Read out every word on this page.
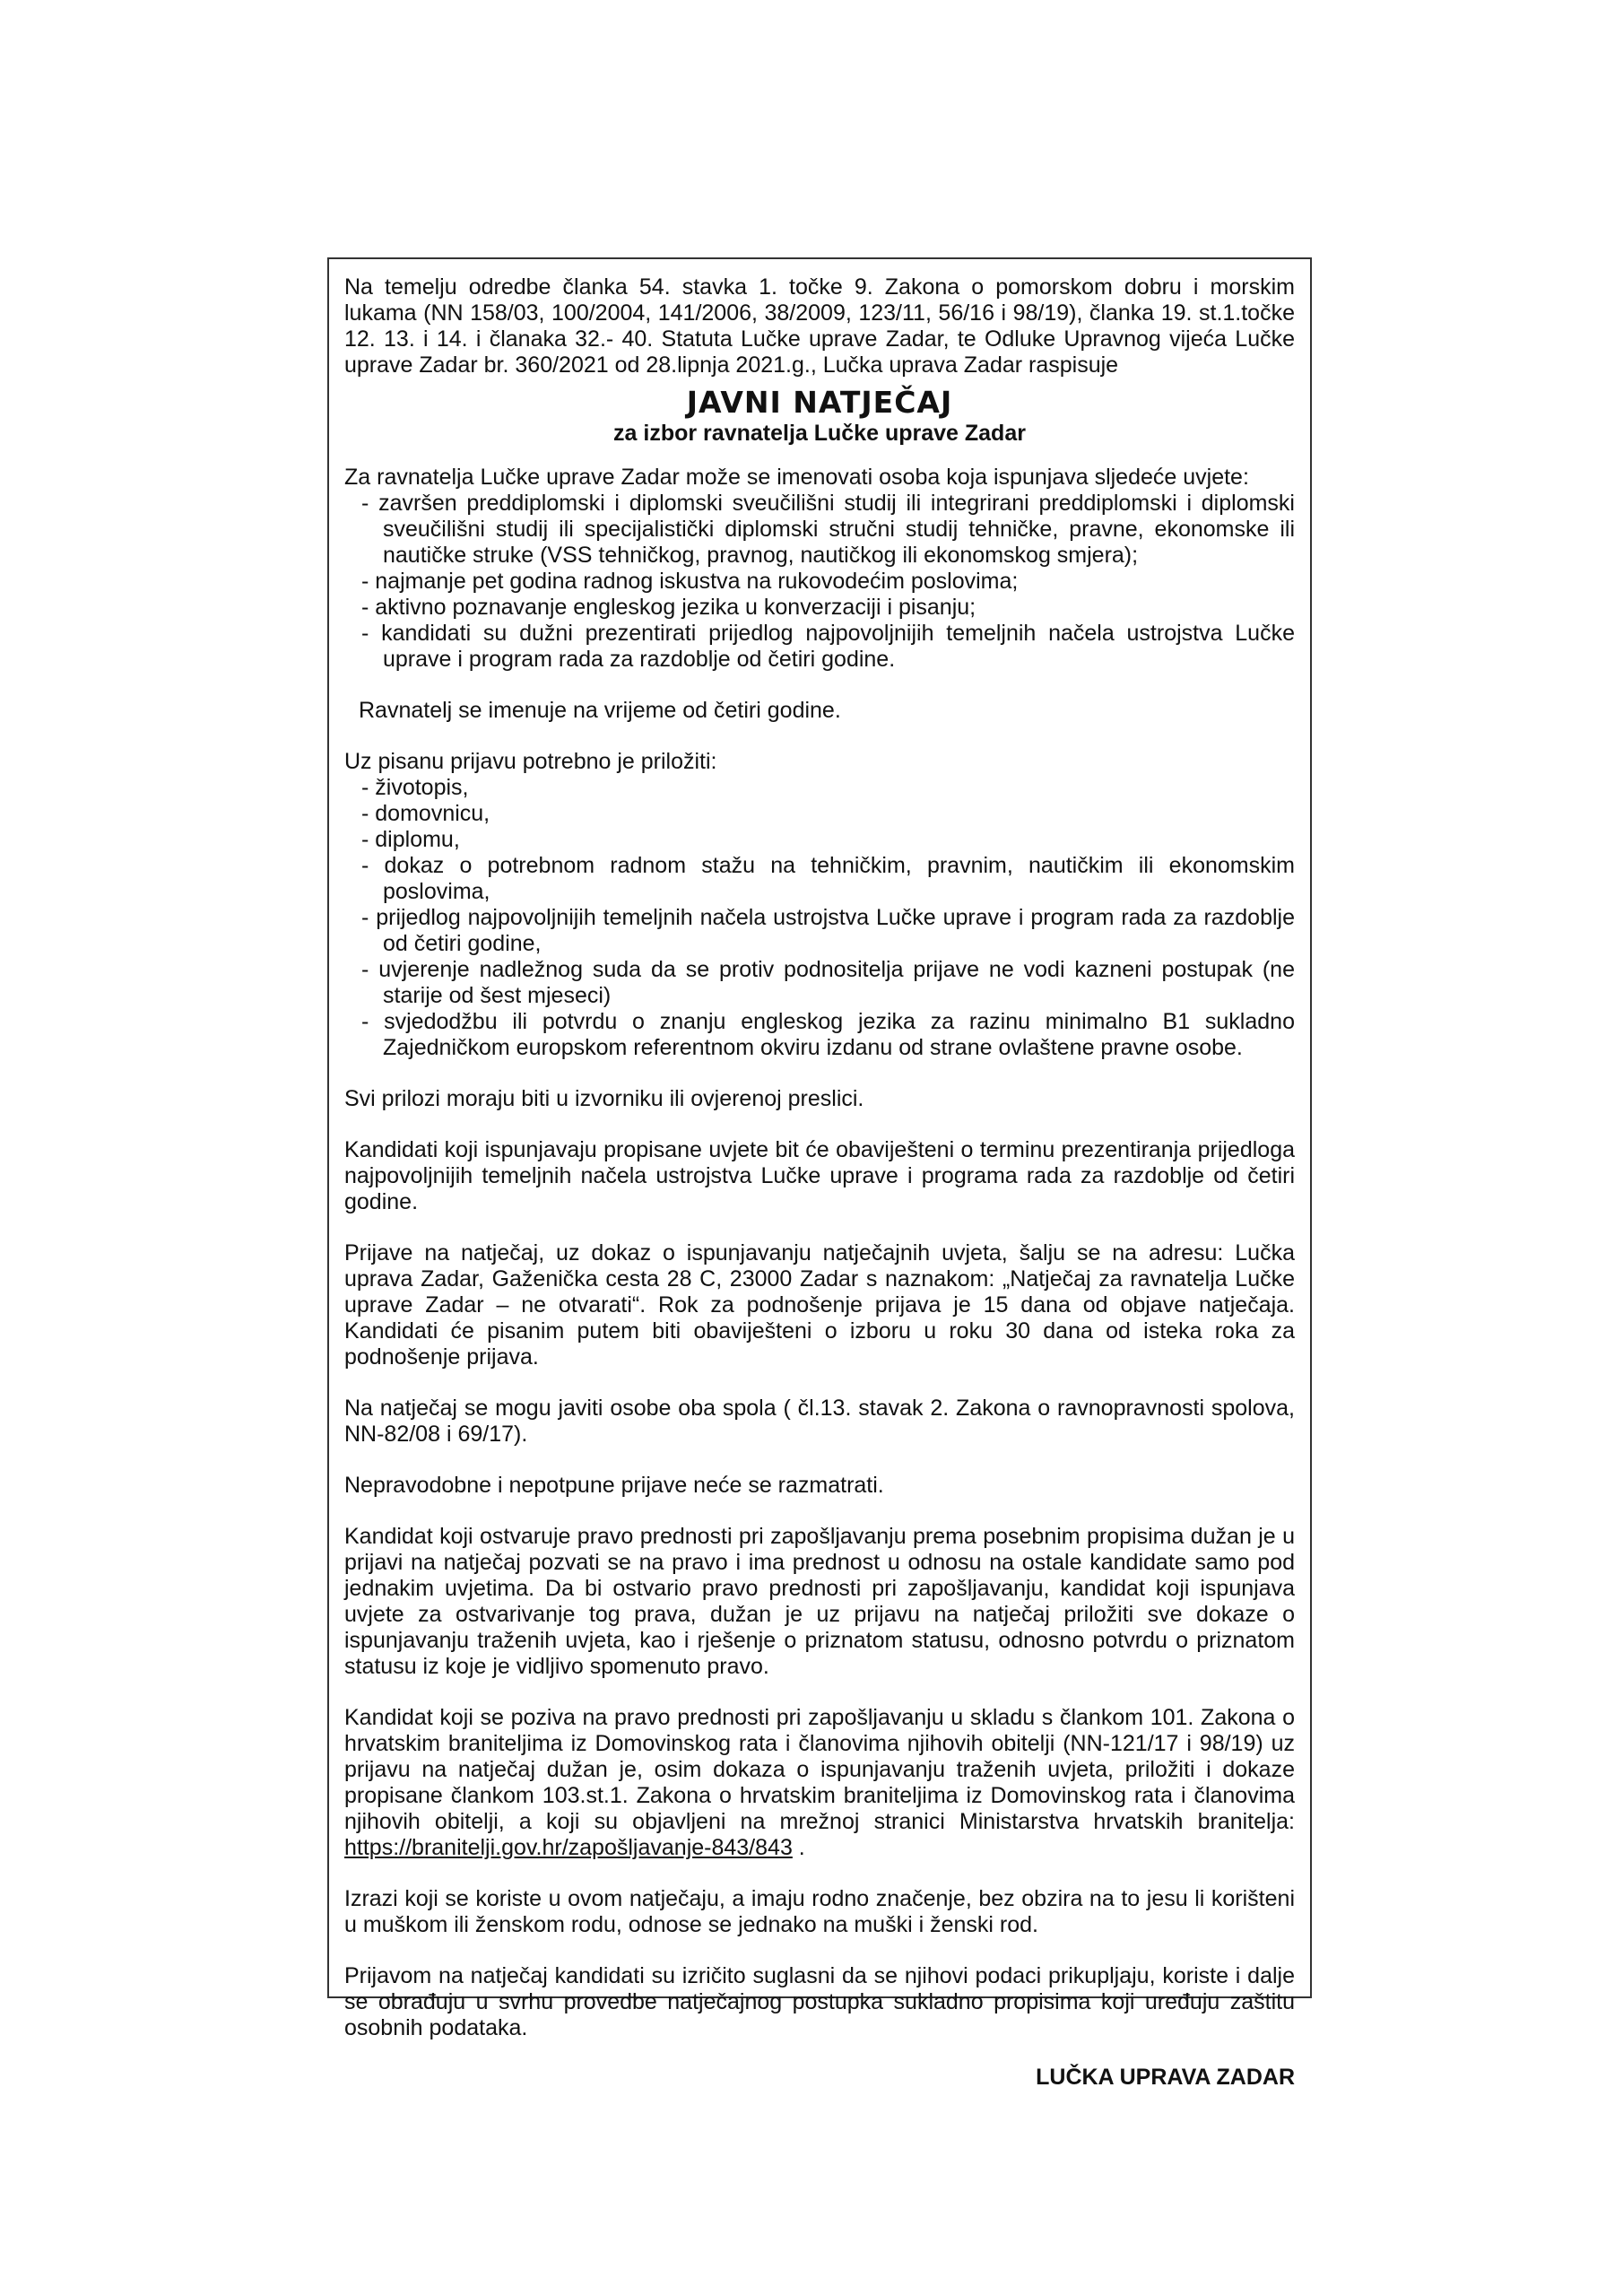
Na temelju odredbe članka 54. stavka 1. točke 9. Zakona o pomorskom dobru i morskim lukama (NN 158/03, 100/2004, 141/2006, 38/2009, 123/11, 56/16 i 98/19), članka 19. st.1.točke 12. 13. i 14. i članaka 32.- 40. Statuta Lučke uprave Zadar, te Odluke Upravnog vijeća Lučke uprave Zadar br. 360/2021 od 28.lipnja 2021.g., Lučka uprava Zadar raspisuje

JAVNI NATJEČAJ
za izbor ravnatelja Lučke uprave Zadar

Za ravnatelja Lučke uprave Zadar može se imenovati osoba koja ispunjava sljedeće uvjete:

- završen preddiplomski i diplomski sveučilišni studij ili integrirani preddiplomski i diplomski sveučilišni studij ili specijalistički diplomski stručni studij tehničke, pravne, ekonomske ili nautičke struke (VSS tehničkog, pravnog, nautičkog ili ekonomskog smjera);
- najmanje pet godina radnog iskustva na rukovodećim poslovima;
- aktivno poznavanje engleskog jezika u konverzaciji i pisanju;
- kandidati su dužni prezentirati prijedlog najpovoljnijih temeljnih načela ustrojstva Lučke uprave i program rada za razdoblje od četiri godine.

Ravnatelj se imenuje na vrijeme od četiri godine.

Uz pisanu prijavu potrebno je priložiti:

- životopis,
- domovnicu,
- diplomu,
- dokaz o potrebnom radnom stažu na tehničkim, pravnim, nautičkim ili ekonomskim poslovima,
- prijedlog najpovoljnijih temeljnih načela ustrojstva Lučke uprave i program rada za razdoblje od četiri godine,
- uvjerenje nadležnog suda da se protiv podnositelja prijave ne vodi kazneni postupak (ne starije od šest mjeseci)
- svjedodžbu ili potvrdu o znanju engleskog jezika za razinu minimalno B1 sukladno Zajedničkom europskom referentnom okviru izdanu od strane ovlaštene pravne osobe.

Svi prilozi moraju biti u izvorniku ili ovjerenoj preslici.

Kandidati koji ispunjavaju propisane uvjete bit će obaviješteni o terminu prezentiranja prijedloga najpovoljnijih temeljnih načela ustrojstva Lučke uprave i programa rada za razdoblje od četiri godine.

Prijave na natječaj, uz dokaz o ispunjavanju natječajnih uvjeta, šalju se na adresu: Lučka uprava Zadar, Gaženička cesta 28 C, 23000 Zadar s naznakom: „Natječaj za ravnatelja Lučke uprave Zadar – ne otvarati“. Rok za podnošenje prijava je 15 dana od objave natječaja. Kandidati će pisanim putem biti obaviješteni o izboru u roku 30 dana od isteka roka za podnošenje prijava.

Na natječaj se mogu javiti osobe oba spola ( čl.13. stavak 2. Zakona o ravnopravnosti spolova, NN-82/08 i 69/17).

Nepravodobne i nepotpune prijave neće se razmatrati.

Kandidat koji ostvaruje pravo prednosti pri zapošljavanju prema posebnim propisima dužan je u prijavi na natječaj pozvati se na pravo i ima prednost u odnosu na ostale kandidate samo pod jednakim uvjetima. Da bi ostvario pravo prednosti pri zapošljavanju, kandidat koji ispunjava uvjete za ostvarivanje tog prava, dužan je uz prijavu na natječaj priložiti sve dokaze o ispunjavanju traženih uvjeta, kao i rješenje o priznatom statusu, odnosno potvrdu o priznatom statusu iz koje je vidljivo spomenuto pravo.

Kandidat koji se poziva na pravo prednosti pri zapošljavanju u skladu s člankom 101. Zakona o hrvatskim braniteljima iz Domovinskog rata i članovima njihovih obitelji (NN-121/17 i 98/19) uz prijavu na natječaj dužan je, osim dokaza o ispunjavanju traženih uvjeta, priložiti i dokaze propisane člankom 103.st.1. Zakona o hrvatskim braniteljima iz Domovinskog rata i članovima njihovih obitelji, a koji su objavljeni na mrežnoj stranici Ministarstva hrvatskih branitelja: https://branitelji.gov.hr/zapošljavanje-843/843 .

Izrazi koji se koriste u ovom natječaju, a imaju rodno značenje, bez obzira na to jesu li korišteni u muškom ili ženskom rodu, odnose se jednako na muški i ženski rod.

Prijavom na natječaj kandidati su izričito suglasni da se njihovi podaci prikupljaju, koriste i dalje se obrađuju u svrhu provedbe natječajnog postupka sukladno propisima koji uređuju zaštitu osobnih podataka.

LUČKA UPRAVA ZADAR
